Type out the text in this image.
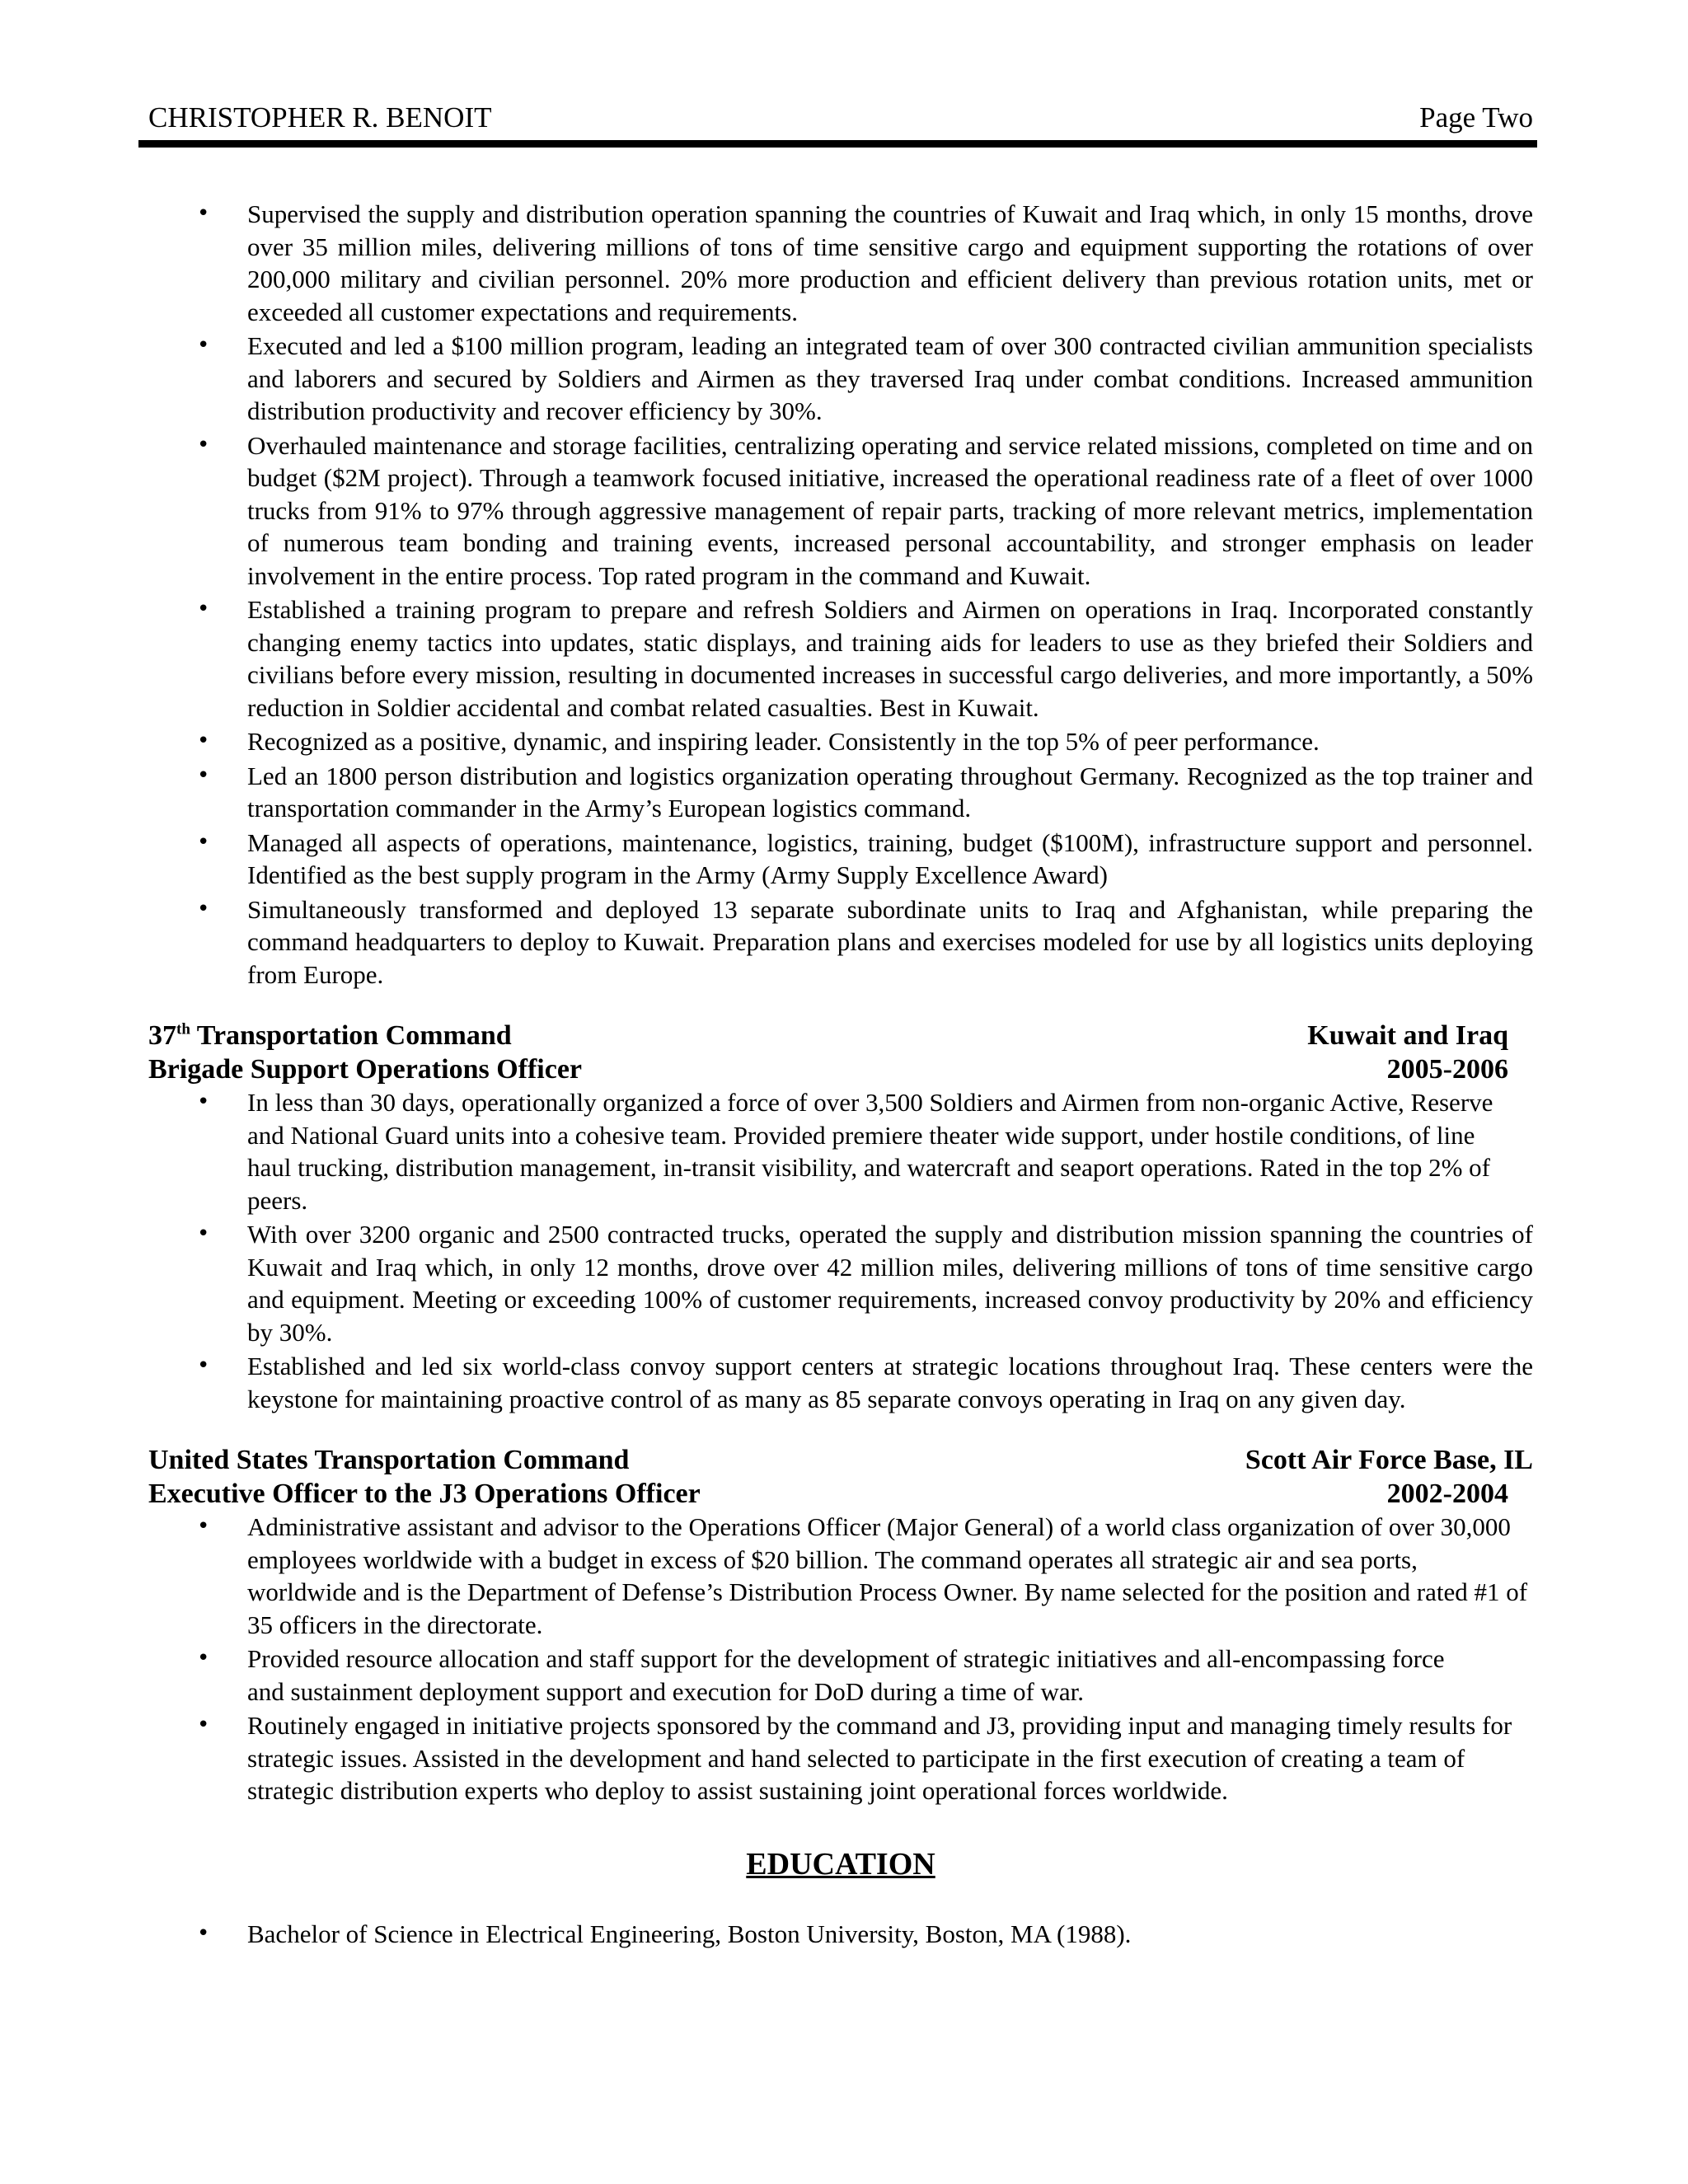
CHRISTOPHER R. BENOIT	Page Two
• Supervised the supply and distribution operation spanning the countries of Kuwait and Iraq which, in only 15 months, drove over 35 million miles, delivering millions of tons of time sensitive cargo and equipment supporting the rotations of over 200,000 military and civilian personnel. 20% more production and efficient delivery than previous rotation units, met or exceeded all customer expectations and requirements.
• Executed and led a $100 million program, leading an integrated team of over 300 contracted civilian ammunition specialists and laborers and secured by Soldiers and Airmen as they traversed Iraq under combat conditions. Increased ammunition distribution productivity and recover efficiency by 30%.
• Overhauled maintenance and storage facilities, centralizing operating and service related missions, completed on time and on budget ($2M project). Through a teamwork focused initiative, increased the operational readiness rate of a fleet of over 1000 trucks from 91% to 97% through aggressive management of repair parts, tracking of more relevant metrics, implementation of numerous team bonding and training events, increased personal accountability, and stronger emphasis on leader involvement in the entire process. Top rated program in the command and Kuwait.
• Established a training program to prepare and refresh Soldiers and Airmen on operations in Iraq. Incorporated constantly changing enemy tactics into updates, static displays, and training aids for leaders to use as they briefed their Soldiers and civilians before every mission, resulting in documented increases in successful cargo deliveries, and more importantly, a 50% reduction in Soldier accidental and combat related casualties. Best in Kuwait.
• Recognized as a positive, dynamic, and inspiring leader. Consistently in the top 5% of peer performance.
• Led an 1800 person distribution and logistics organization operating throughout Germany. Recognized as the top trainer and transportation commander in the Army’s European logistics command.
• Managed all aspects of operations, maintenance, logistics, training, budget ($100M), infrastructure support and personnel. Identified as the best supply program in the Army (Army Supply Excellence Award)
• Simultaneously transformed and deployed 13 separate subordinate units to Iraq and Afghanistan, while preparing the command headquarters to deploy to Kuwait. Preparation plans and exercises modeled for use by all logistics units deploying from Europe.
37th Transportation Command	Kuwait and Iraq
Brigade Support Operations Officer	2005-2006
• In less than 30 days, operationally organized a force of over 3,500 Soldiers and Airmen from non-organic Active, Reserve and National Guard units into a cohesive team. Provided premiere theater wide support, under hostile conditions, of line haul trucking, distribution management, in-transit visibility, and watercraft and seaport operations. Rated in the top 2% of peers.
• With over 3200 organic and 2500 contracted trucks, operated the supply and distribution mission spanning the countries of Kuwait and Iraq which, in only 12 months, drove over 42 million miles, delivering millions of tons of time sensitive cargo and equipment. Meeting or exceeding 100% of customer requirements, increased convoy productivity by 20% and efficiency by 30%.
• Established and led six world-class convoy support centers at strategic locations throughout Iraq. These centers were the keystone for maintaining proactive control of as many as 85 separate convoys operating in Iraq on any given day.
United States Transportation Command	Scott Air Force Base, IL
Executive Officer to the J3 Operations Officer	2002-2004
• Administrative assistant and advisor to the Operations Officer (Major General) of a world class organization of over 30,000 employees worldwide with a budget in excess of $20 billion. The command operates all strategic air and sea ports, worldwide and is the Department of Defense’s Distribution Process Owner. By name selected for the position and rated #1 of 35 officers in the directorate.
• Provided resource allocation and staff support for the development of strategic initiatives and all-encompassing force and sustainment deployment support and execution for DoD during a time of war.
• Routinely engaged in initiative projects sponsored by the command and J3, providing input and managing timely results for strategic issues. Assisted in the development and hand selected to participate in the first execution of creating a team of strategic distribution experts who deploy to assist sustaining joint operational forces worldwide.
EDUCATION
• Bachelor of Science in Electrical Engineering, Boston University, Boston, MA (1988).
